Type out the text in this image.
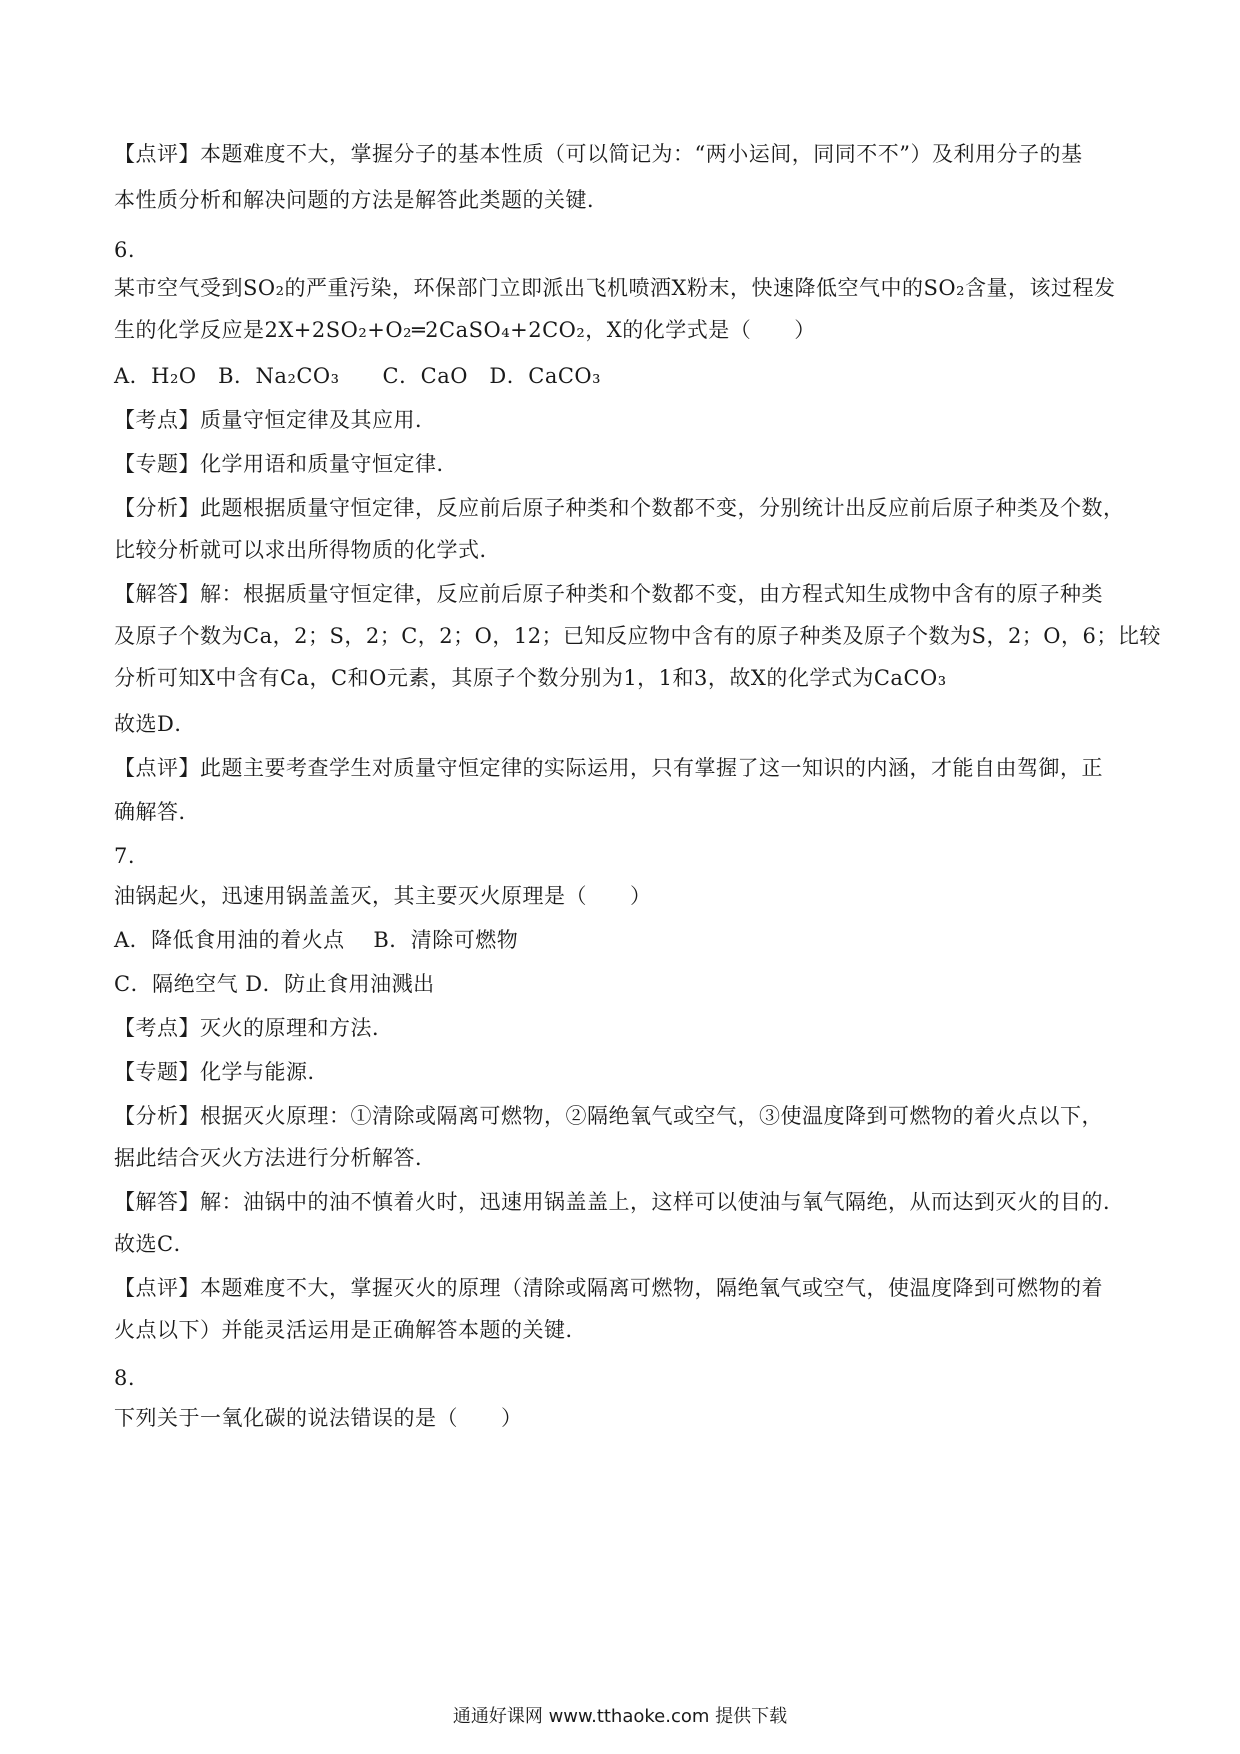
【点评】本题难度不大，掌握分子的基本性质（可以简记为：“两小运间，同同不不”）及利用分子的基
本性质分析和解决问题的方法是解答此类题的关键．
6.
某市空气受到SO₂的严重污染，环保部门立即派出飞机喷洒X粉末，快速降低空气中的SO₂含量，该过程发
生的化学反应是2X+2SO₂+O₂═2CaSO₄+2CO₂，X的化学式是（　　）
A．H₂O　B．Na₂CO₃　　C．CaO　D．CaCO₃
【考点】质量守恒定律及其应用．
【专题】化学用语和质量守恒定律．
【分析】此题根据质量守恒定律，反应前后原子种类和个数都不变，分别统计出反应前后原子种类及个数，
比较分析就可以求出所得物质的化学式．
【解答】解：根据质量守恒定律，反应前后原子种类和个数都不变，由方程式知生成物中含有的原子种类
及原子个数为Ca，2；S，2；C，2；O，12；已知反应物中含有的原子种类及原子个数为S，2；O，6；比较
分析可知X中含有Ca，C和O元素，其原子个数分别为1，1和3，故X的化学式为CaCO₃
故选D．
【点评】此题主要考查学生对质量守恒定律的实际运用，只有掌握了这一知识的内涵，才能自由驾御，正
确解答．
7.
油锅起火，迅速用锅盖盖灭，其主要灭火原理是（　　）
A．降低食用油的着火点　 B．清除可燃物
C．隔绝空气 D．防止食用油溅出
【考点】灭火的原理和方法．
【专题】化学与能源．
【分析】根据灭火原理：①清除或隔离可燃物，②隔绝氧气或空气，③使温度降到可燃物的着火点以下，
据此结合灭火方法进行分析解答．
【解答】解：油锅中的油不慎着火时，迅速用锅盖盖上，这样可以使油与氧气隔绝，从而达到灭火的目的．
故选C．
【点评】本题难度不大，掌握灭火的原理（清除或隔离可燃物，隔绝氧气或空气，使温度降到可燃物的着
火点以下）并能灵活运用是正确解答本题的关键．
8.
下列关于一氧化碳的说法错误的是（　　）
通通好课网 www.tthaoke.com 提供下载
